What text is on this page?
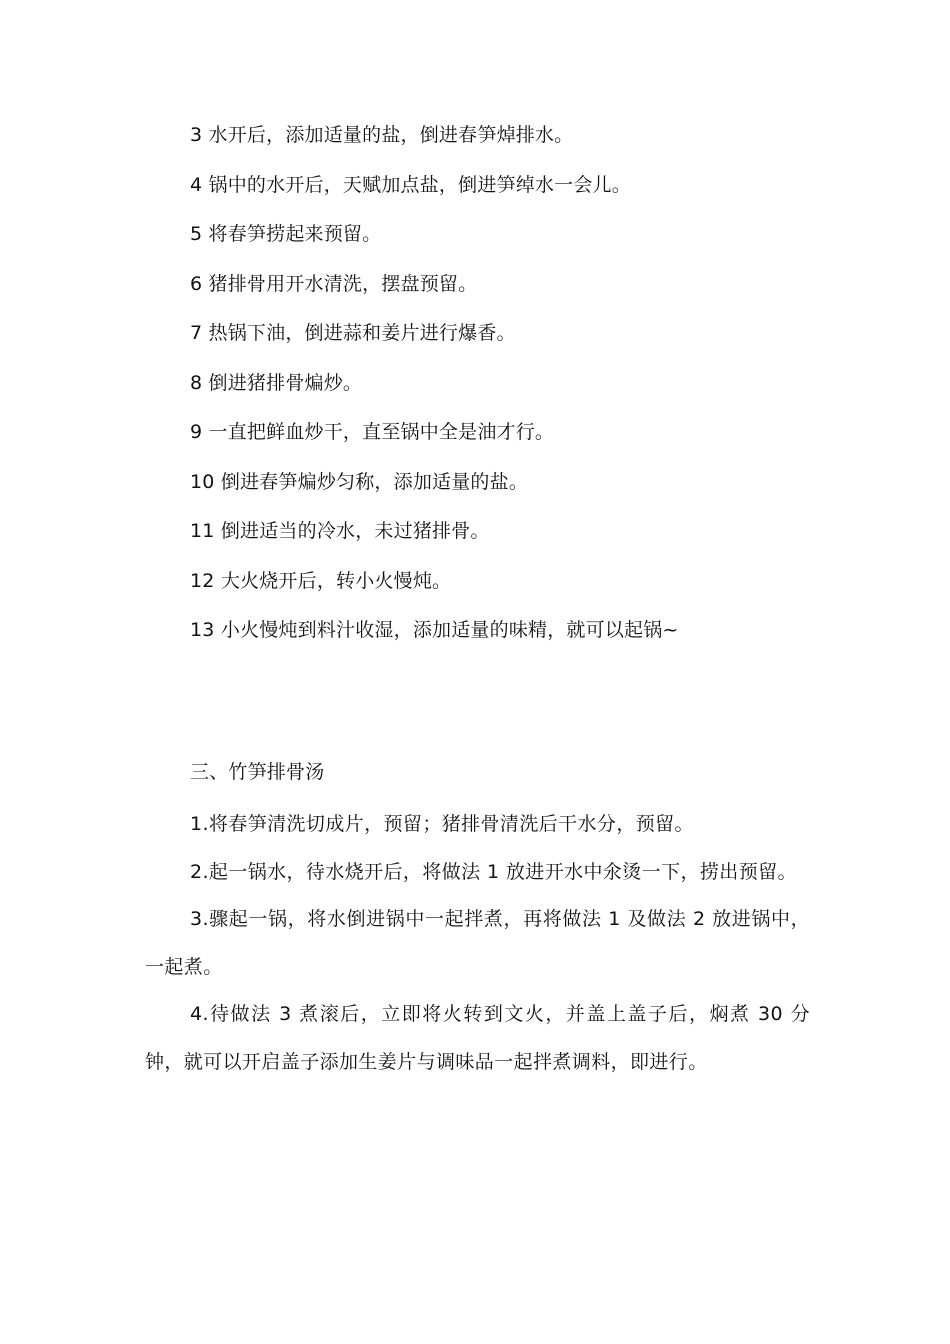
3 水开后，添加适量的盐，倒进春笋焯排水。
4 锅中的水开后，天赋加点盐，倒进笋绰水一会儿。
5 将春笋捞起来预留。
6 猪排骨用开水清洗，摆盘预留。
7 热锅下油，倒进蒜和姜片进行爆香。
8 倒进猪排骨煸炒。
9 一直把鲜血炒干，直至锅中全是油才行。
10 倒进春笋煸炒匀称，添加适量的盐。
11 倒进适当的冷水，未过猪排骨。
12 大火烧开后，转小火慢炖。
13 小火慢炖到料汁收湿，添加适量的味精，就可以起锅~
三、竹笋排骨汤

1.将春笋清洗切成片，预留；猪排骨清洗后干水分，预留。

2.起一锅水，待水烧开后，将做法 1 放进开水中氽烫一下，捞出预留。

3.骤起一锅，将水倒进锅中一起拌煮，再将做法 1 及做法 2 放进锅中，一起煮。

4.待做法 3 煮滚后，立即将火转到文火，并盖上盖子后，焖煮 30 分钟，就可以开启盖子添加生姜片与调味品一起拌煮调料，即进行。
